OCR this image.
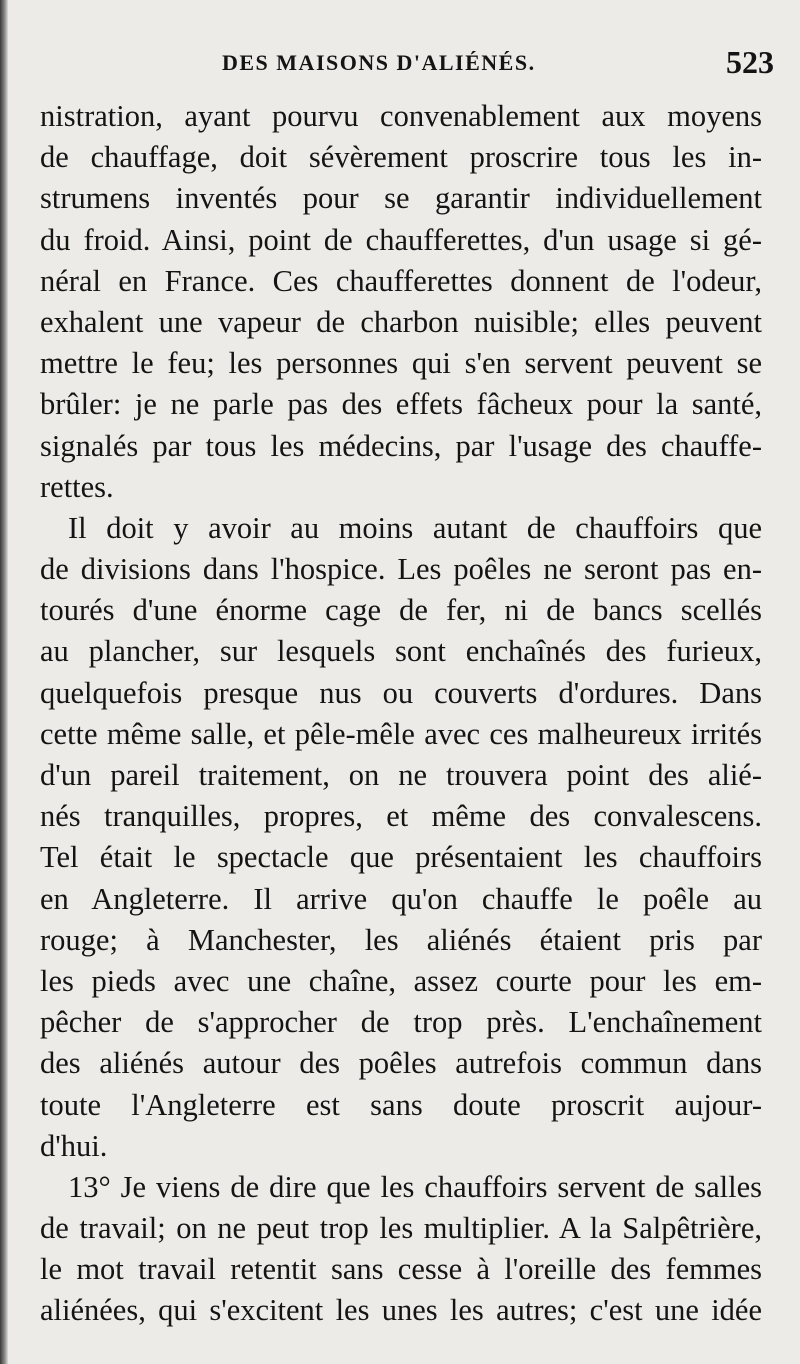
DES MAISONS D'ALIÉNÉS.	523
nistration, ayant pourvu convenablement aux moyens
de chauffage, doit sévèrement proscrire tous les in-
strumens inventés pour se garantir individuellement
du froid. Ainsi, point de chaufferettes, d'un usage si gé-
néral en France. Ces chaufferettes donnent de l'odeur,
exhalent une vapeur de charbon nuisible; elles peuvent
mettre le feu; les personnes qui s'en servent peuvent se
brûler: je ne parle pas des effets fâcheux pour la santé,
signalés par tous les médecins, par l'usage des chauffe-
rettes.
Il doit y avoir au moins autant de chauffoirs que
de divisions dans l'hospice. Les poêles ne seront pas en-
tourés d'une énorme cage de fer, ni de bancs scellés
au plancher, sur lesquels sont enchaînés des furieux,
quelquefois presque nus ou couverts d'ordures. Dans
cette même salle, et pêle-mêle avec ces malheureux irrités
d'un pareil traitement, on ne trouvera point des alié-
nés tranquilles, propres, et même des convalescens.
Tel était le spectacle que présentaient les chauffoirs
en Angleterre. Il arrive qu'on chauffe le poêle au
rouge; à Manchester, les aliénés étaient pris par
les pieds avec une chaîne, assez courte pour les em-
pêcher de s'approcher de trop près. L'enchaînement
des aliénés autour des poêles autrefois commun dans
toute l'Angleterre est sans doute proscrit aujour-
d'hui.
13° Je viens de dire que les chauffoirs servent de salles
de travail; on ne peut trop les multiplier. A la Salpêtrière,
le mot travail retentit sans cesse à l'oreille des femmes
aliénées, qui s'excitent les unes les autres; c'est une idée
